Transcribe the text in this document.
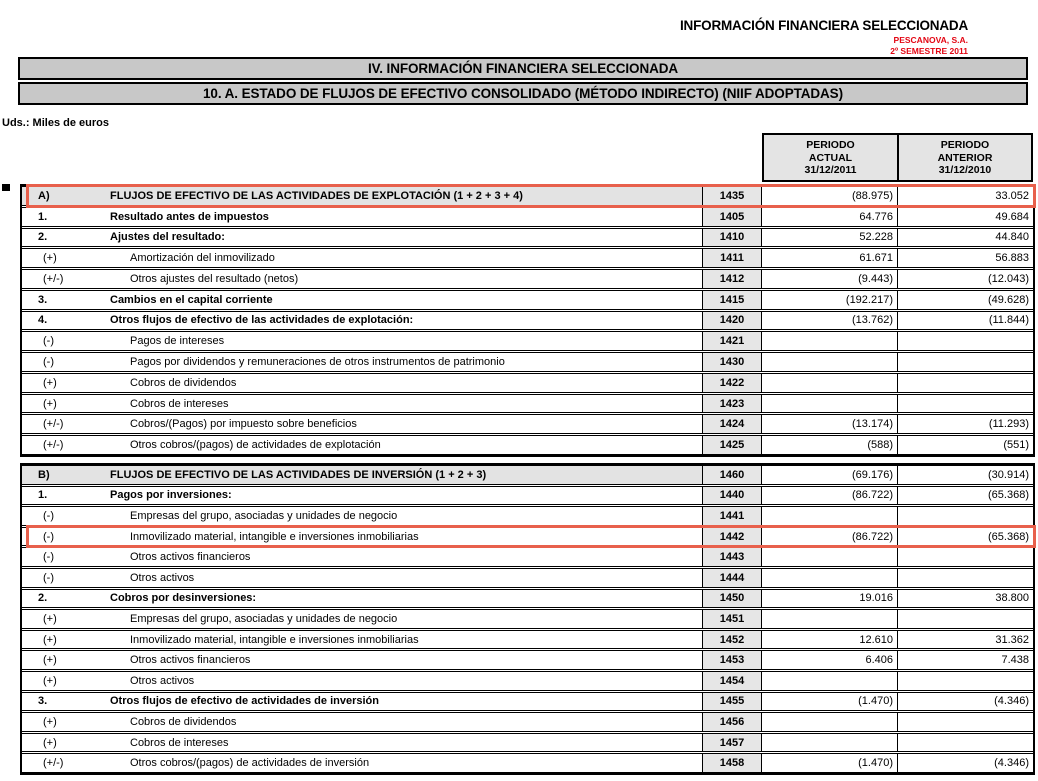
INFORMACIÓN FINANCIERA SELECCIONADA
PESCANOVA, S.A.
2º SEMESTRE 2011
IV. INFORMACIÓN FINANCIERA SELECCIONADA
10. A. ESTADO DE FLUJOS DE EFECTIVO CONSOLIDADO (MÉTODO INDIRECTO) (NIIF ADOPTADAS)
Uds.: Miles de euros
PERIODO
ACTUAL
31/12/2011
PERIODO
ANTERIOR
31/12/2010
A)	FLUJOS DE EFECTIVO DE LAS ACTIVIDADES DE EXPLOTACIÓN (1 + 2 + 3 + 4)	1435	(88.975)	33.052
1.	Resultado antes de impuestos	1405	64.776	49.684
2.	Ajustes del resultado:	1410	52.228	44.840
(+)	Amortización del inmovilizado	1411	61.671	56.883
(+/-)	Otros ajustes del resultado (netos)	1412	(9.443)	(12.043)
3.	Cambios en el capital corriente	1415	(192.217)	(49.628)
4.	Otros flujos de efectivo de las actividades de explotación:	1420	(13.762)	(11.844)
(-)	Pagos de intereses	1421
(-)	Pagos por dividendos y remuneraciones de otros instrumentos de patrimonio	1430
(+)	Cobros de dividendos	1422
(+)	Cobros de intereses	1423
(+/-)	Cobros/(Pagos) por impuesto sobre beneficios	1424	(13.174)	(11.293)
(+/-)	Otros cobros/(pagos) de actividades de explotación	1425	(588)	(551)
B)	FLUJOS DE EFECTIVO DE LAS ACTIVIDADES DE INVERSIÓN (1 + 2 + 3)	1460	(69.176)	(30.914)
1.	Pagos por inversiones:	1440	(86.722)	(65.368)
(-)	Empresas del grupo, asociadas y unidades de negocio	1441
(-)	Inmovilizado material, intangible e inversiones inmobiliarias	1442	(86.722)	(65.368)
(-)	Otros activos financieros	1443
(-)	Otros activos	1444
2.	Cobros por desinversiones:	1450	19.016	38.800
(+)	Empresas del grupo, asociadas y unidades de negocio	1451
(+)	Inmovilizado material, intangible e inversiones inmobiliarias	1452	12.610	31.362
(+)	Otros activos financieros	1453	6.406	7.438
(+)	Otros activos	1454
3.	Otros flujos de efectivo de actividades de inversión	1455	(1.470)	(4.346)
(+)	Cobros de dividendos	1456
(+)	Cobros de intereses	1457
(+/-)	Otros cobros/(pagos) de actividades de inversión	1458	(1.470)	(4.346)
